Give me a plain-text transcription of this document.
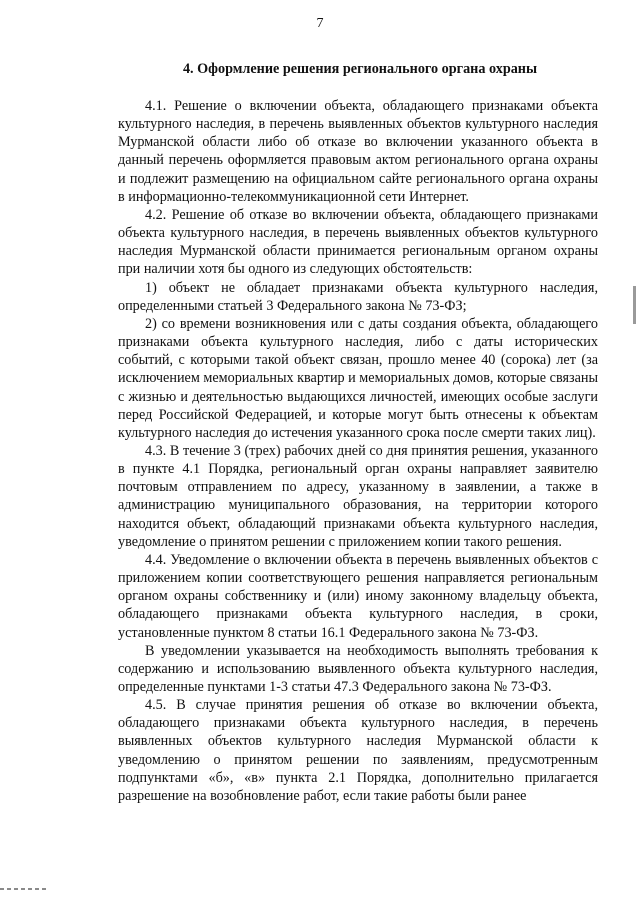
7
4. Оформление решения регионального органа охраны

4.1. Решение о включении объекта, обладающего признаками объекта культурного наследия, в перечень выявленных объектов культурного наследия Мурманской области либо об отказе во включении указанного объекта в данный перечень оформляется правовым актом регионального органа охраны и подлежит размещению на официальном сайте регионального органа охраны в информационно-телекоммуникационной сети Интернет.

4.2. Решение об отказе во включении объекта, обладающего признаками объекта культурного наследия, в перечень выявленных объектов культурного наследия Мурманской области принимается региональным органом охраны при наличии хотя бы одного из следующих обстоятельств:

1) объект не обладает признаками объекта культурного наследия, определенными статьей 3 Федерального закона № 73-ФЗ;

2) со времени возникновения или с даты создания объекта, обладающего признаками объекта культурного наследия, либо с даты исторических событий, с которыми такой объект связан, прошло менее 40 (сорока) лет (за исключением мемориальных квартир и мемориальных домов, которые связаны с жизнью и деятельностью выдающихся личностей, имеющих особые заслуги перед Российской Федерацией, и которые могут быть отнесены к объектам культурного наследия до истечения указанного срока после смерти таких лиц).

4.3. В течение 3 (трех) рабочих дней со дня принятия решения, указанного в пункте 4.1 Порядка, региональный орган охраны направляет заявителю почтовым отправлением по адресу, указанному в заявлении, а также в администрацию муниципального образования, на территории которого находится объект, обладающий признаками объекта культурного наследия, уведомление о принятом решении с приложением копии такого решения.

4.4. Уведомление о включении объекта в перечень выявленных объектов с приложением копии соответствующего решения направляется региональным органом охраны собственнику и (или) иному законному владельцу объекта, обладающего признаками объекта культурного наследия, в сроки, установленные пунктом 8 статьи 16.1 Федерального закона № 73-ФЗ.

В уведомлении указывается на необходимость выполнять требования к содержанию и использованию выявленного объекта культурного наследия, определенные пунктами 1-3 статьи 47.3 Федерального закона № 73-ФЗ.

4.5. В случае принятия решения об отказе во включении объекта, обладающего признаками объекта культурного наследия, в перечень выявленных объектов культурного наследия Мурманской области к уведомлению о принятом решении по заявлениям, предусмотренным подпунктами «б», «в» пункта 2.1 Порядка, дополнительно прилагается разрешение на возобновление работ, если такие работы были ранее
